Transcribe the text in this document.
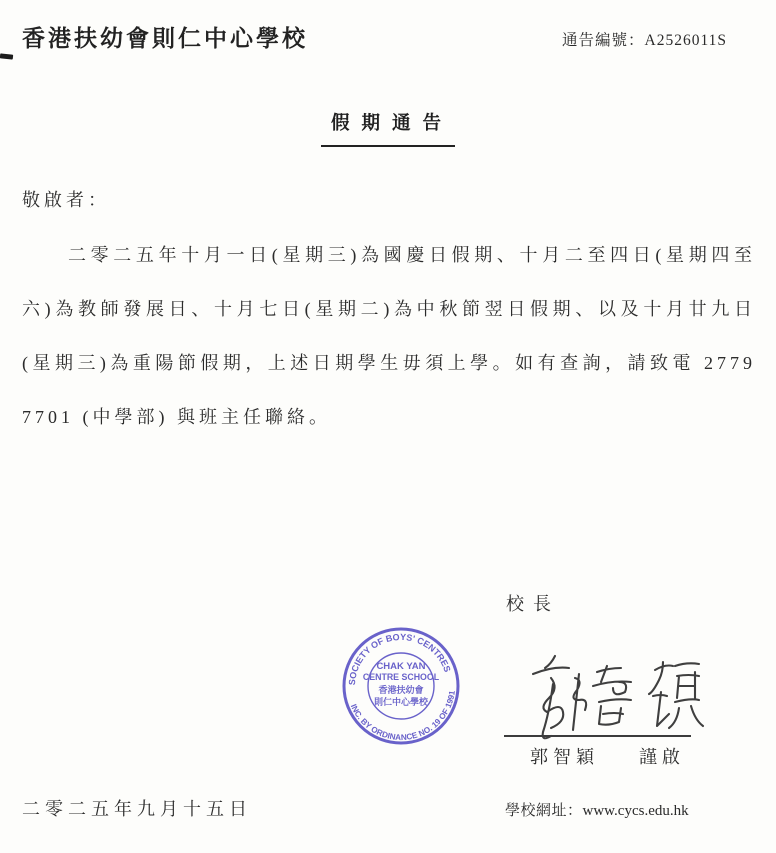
香港扶幼會則仁中心學校	通告編號：A2526011S
假期通告
敬啟者：
二零二五年十月一日(星期三)為國慶日假期、十月二至四日(星期四至
六)為教師發展日、十月七日(星期二)為中秋節翌日假期、以及十月廿九日
(星期三)為重陽節假期，上述日期學生毋須上學。如有查詢，請致電 2779
7701 (中學部) 與班主任聯絡。
校長
SOCIETY OF BOYS' CENTRES
INC. BY ORDINANCE NO. 19 OF 1991
CHAK YAN
CENTRE SCHOOL
香港扶幼會
則仁中心學校
郭智穎 謹啟
二零二五年九月十五日	學校網址：www.cycs.edu.hk
